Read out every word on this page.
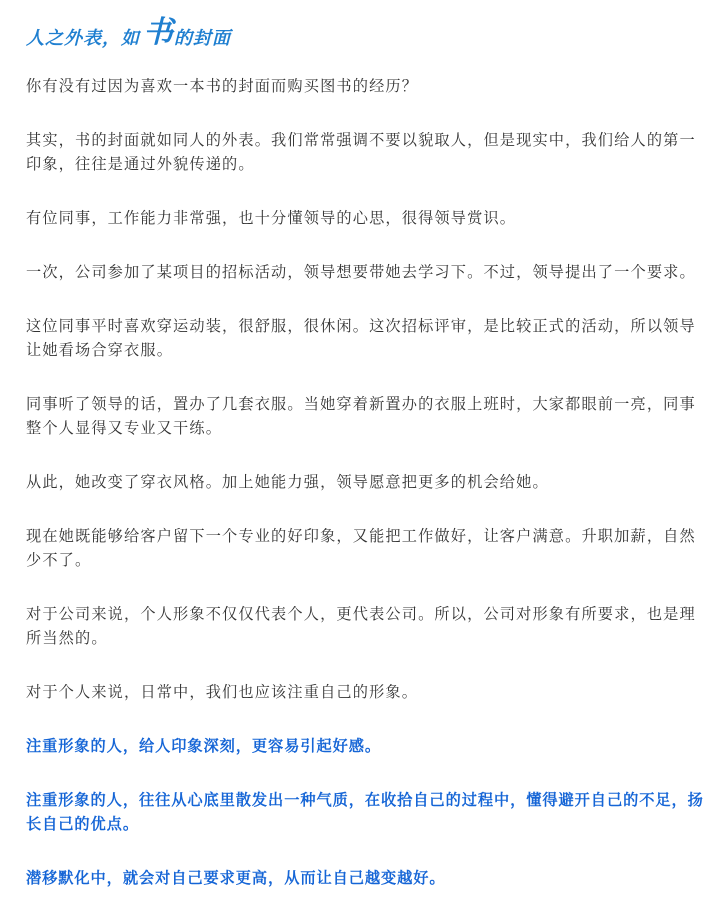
人之外表，如 书的封面

你有没有过因为喜欢一本书的封面而购买图书的经历？

其实，书的封面就如同人的外表。我们常常强调不要以貌取人，但是现实中，我们给人的第一印象，往往是通过外貌传递的。

有位同事，工作能力非常强，也十分懂领导的心思，很得领导赏识。

一次，公司参加了某项目的招标活动，领导想要带她去学习下。不过，领导提出了一个要求。

这位同事平时喜欢穿运动装，很舒服，很休闲。这次招标评审，是比较正式的活动，所以领导让她看场合穿衣服。

同事听了领导的话，置办了几套衣服。当她穿着新置办的衣服上班时，大家都眼前一亮，同事整个人显得又专业又干练。

从此，她改变了穿衣风格。加上她能力强，领导愿意把更多的机会给她。

现在她既能够给客户留下一个专业的好印象，又能把工作做好，让客户满意。升职加薪，自然少不了。

对于公司来说，个人形象不仅仅代表个人，更代表公司。所以，公司对形象有所要求，也是理所当然的。

对于个人来说，日常中，我们也应该注重自己的形象。

注重形象的人，给人印象深刻，更容易引起好感。

注重形象的人，往往从心底里散发出一种气质，在收拾自己的过程中，懂得避开自己的不足，扬长自己的优点。

潜移默化中，就会对自己要求更高，从而让自己越变越好。
